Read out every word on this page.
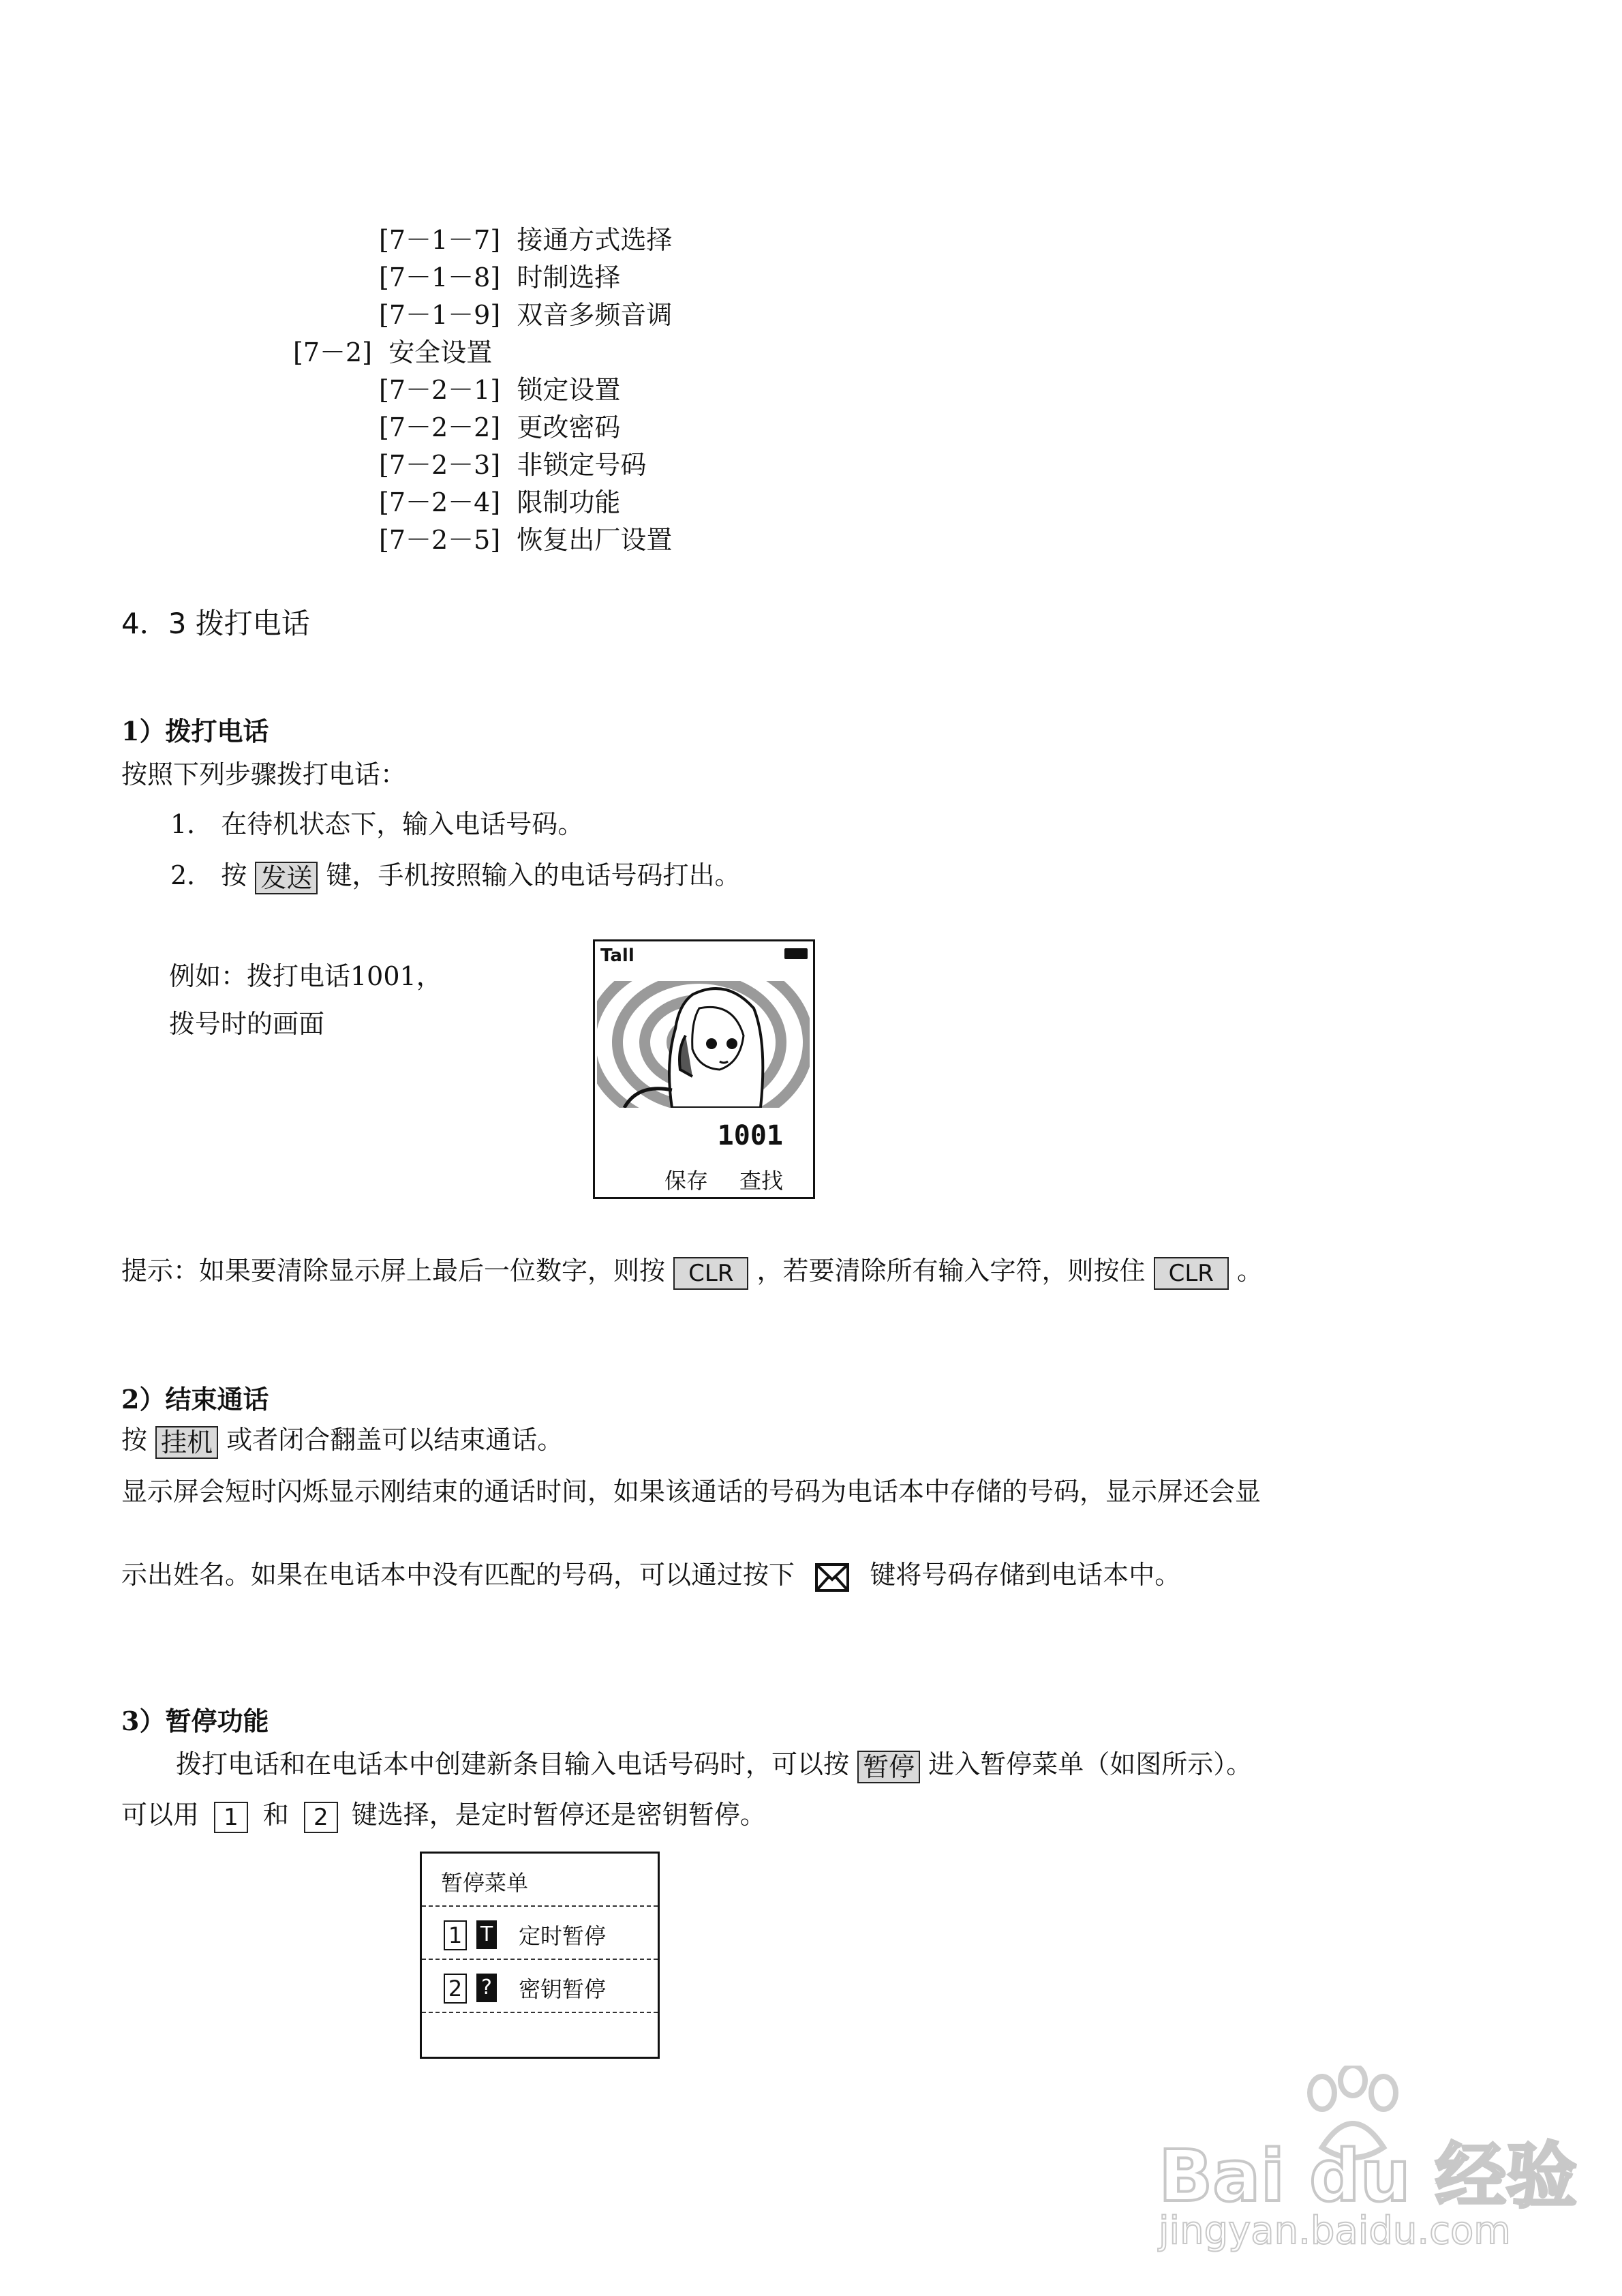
[7－1－7] 接通方式选择
[7－1－8] 时制选择
[7－1－9] 双音多频音调
[7－2] 安全设置
[7－2－1] 锁定设置
[7－2－2] 更改密码
[7－2－3] 非锁定号码
[7－2－4] 限制功能
[7－2－5] 恢复出厂设置
4．3 拨打电话
1）拨打电话
按照下列步骤拨打电话：
1． 在待机状态下，输入电话号码。
2． 按 发送 键，手机按照输入的电话号码打出。
例如：拨打电话1001，
拨号时的画面
Tall
1001
保存 查找
提示：如果要清除显示屏上最后一位数字，则按 CLR ，若要清除所有输入字符，则按住 CLR 。
2）结束通话
按 挂机 或者闭合翻盖可以结束通话。
显示屏会短时闪烁显示刚结束的通话时间，如果该通话的号码为电话本中存储的号码，显示屏还会显
示出姓名。如果在电话本中没有匹配的号码，可以通过按下	键将号码存储到电话本中。
3）暂停功能
拨打电话和在电话本中创建新条目输入电话号码时，可以按 暂停 进入暂停菜单（如图所示）。
可以用 1 和 2 键选择，是定时暂停还是密钥暂停。
暂停菜单
1 T 定时暂停
2 ? 密钥暂停
Bai du 经验
jingyan.baidu.com
